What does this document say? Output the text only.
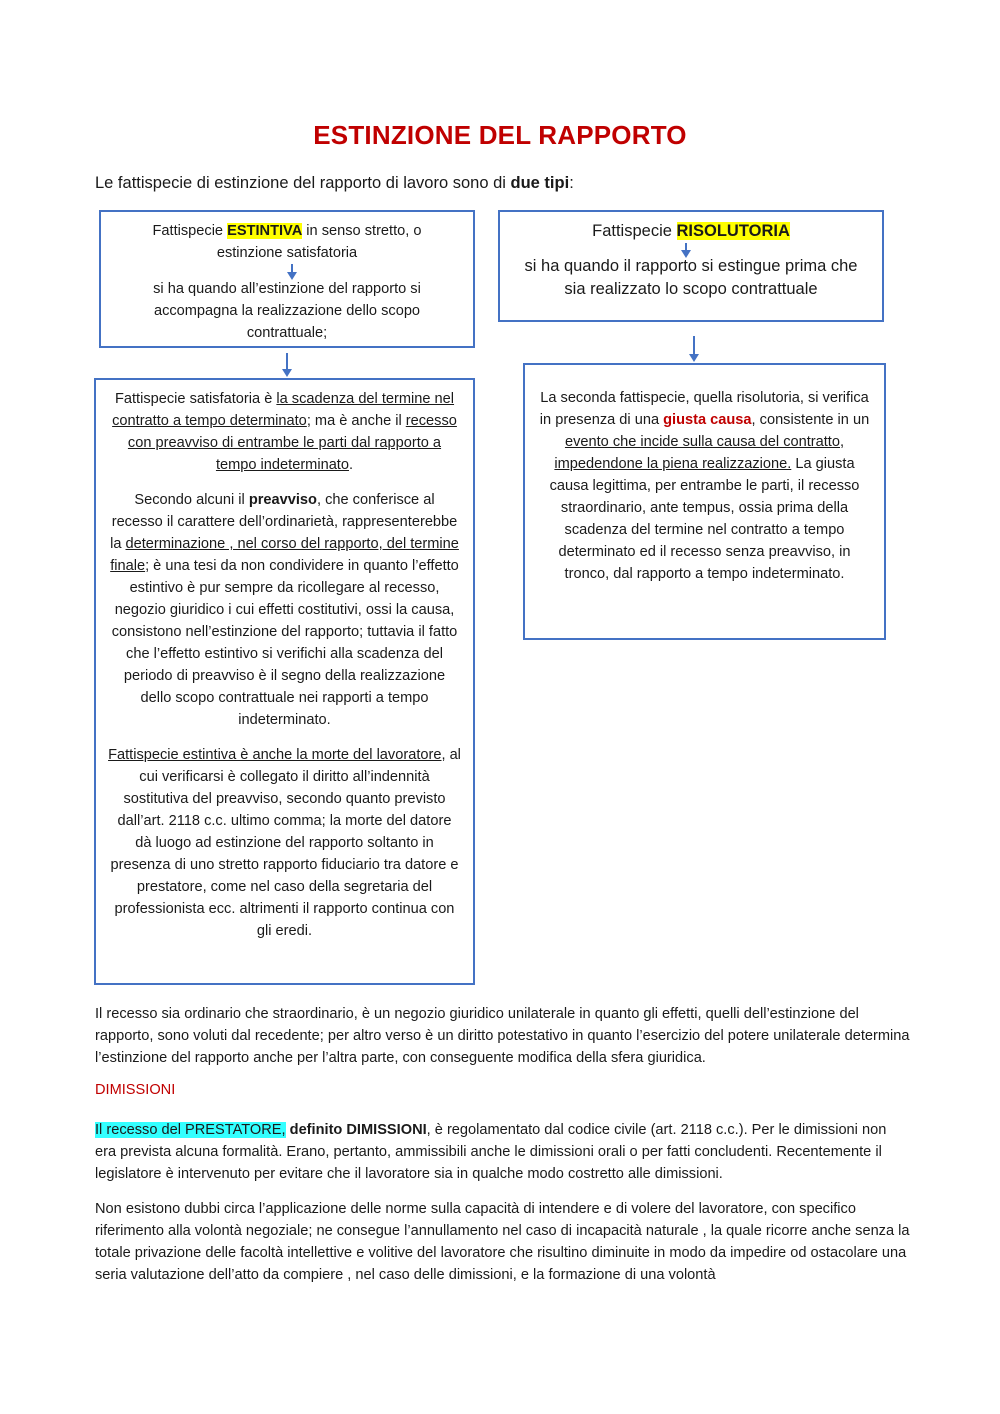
ESTINZIONE DEL RAPPORTO

Le fattispecie di estinzione del rapporto di lavoro sono di due tipi:

Fattispecie ESTINTIVA in senso stretto, o estinzione satisfatoria

si ha quando all’estinzione del rapporto si accompagna la realizzazione dello scopo contrattuale;

Fattispecie RISOLUTORIA

si ha quando il rapporto si estingue prima che sia realizzato lo scopo contrattuale

Fattispecie satisfatoria è la scadenza del termine nel contratto a tempo determinato; ma è anche il recesso con preavviso di entrambe le parti dal rapporto a tempo indeterminato.

Secondo alcuni il preavviso, che conferisce al recesso il carattere dell’ordinarietà, rappresenterebbe la determinazione , nel corso del rapporto, del termine finale; è una tesi da non condividere in quanto l’effetto estintivo è pur sempre da ricollegare al recesso, negozio giuridico i cui effetti costitutivi, ossi la causa, consistono nell’estinzione del rapporto; tuttavia il fatto che l’effetto estintivo si verifichi alla scadenza del periodo di preavviso è il segno della realizzazione dello scopo contrattuale nei rapporti a tempo indeterminato.

Fattispecie estintiva è anche la morte del lavoratore, al cui verificarsi è collegato il diritto all’indennità sostitutiva del preavviso, secondo quanto previsto dall’art. 2118 c.c. ultimo comma; la morte del datore dà luogo ad estinzione del rapporto soltanto in presenza di uno stretto rapporto fiduciario tra datore e prestatore, come nel caso della segretaria del professionista ecc. altrimenti il rapporto continua con gli eredi.

La seconda fattispecie, quella risolutoria, si verifica in presenza di una giusta causa, consistente in un evento che incide sulla causa del contratto, impedendone la piena realizzazione. La giusta causa legittima, per entrambe le parti, il recesso straordinario, ante tempus, ossia prima della scadenza del termine nel contratto a tempo determinato ed il recesso senza preavviso, in tronco, dal rapporto a tempo indeterminato.

Il recesso sia ordinario che straordinario, è un negozio giuridico unilaterale in quanto gli effetti, quelli dell’estinzione del rapporto, sono voluti dal recedente; per altro verso è un diritto potestativo in quanto l’esercizio del potere unilaterale determina l’estinzione del rapporto anche per l’altra parte, con conseguente modifica della sfera giuridica.

DIMISSIONI

Il recesso del PRESTATORE, definito DIMISSIONI, è regolamentato dal codice civile (art. 2118 c.c.). Per le dimissioni non era prevista alcuna formalità. Erano, pertanto, ammissibili anche le dimissioni orali o per fatti concludenti. Recentemente il legislatore è intervenuto per evitare che il lavoratore sia in qualche modo costretto alle dimissioni.

Non esistono dubbi circa l’applicazione delle norme sulla capacità di intendere e di volere del lavoratore, con specifico riferimento alla volontà negoziale; ne consegue l’annullamento nel caso di incapacità naturale , la quale ricorre anche senza la totale privazione delle facoltà intellettive e volitive del lavoratore che risultino diminuite in modo da impedire od ostacolare una seria valutazione dell’atto da compiere , nel caso delle dimissioni, e la formazione di una volontà
